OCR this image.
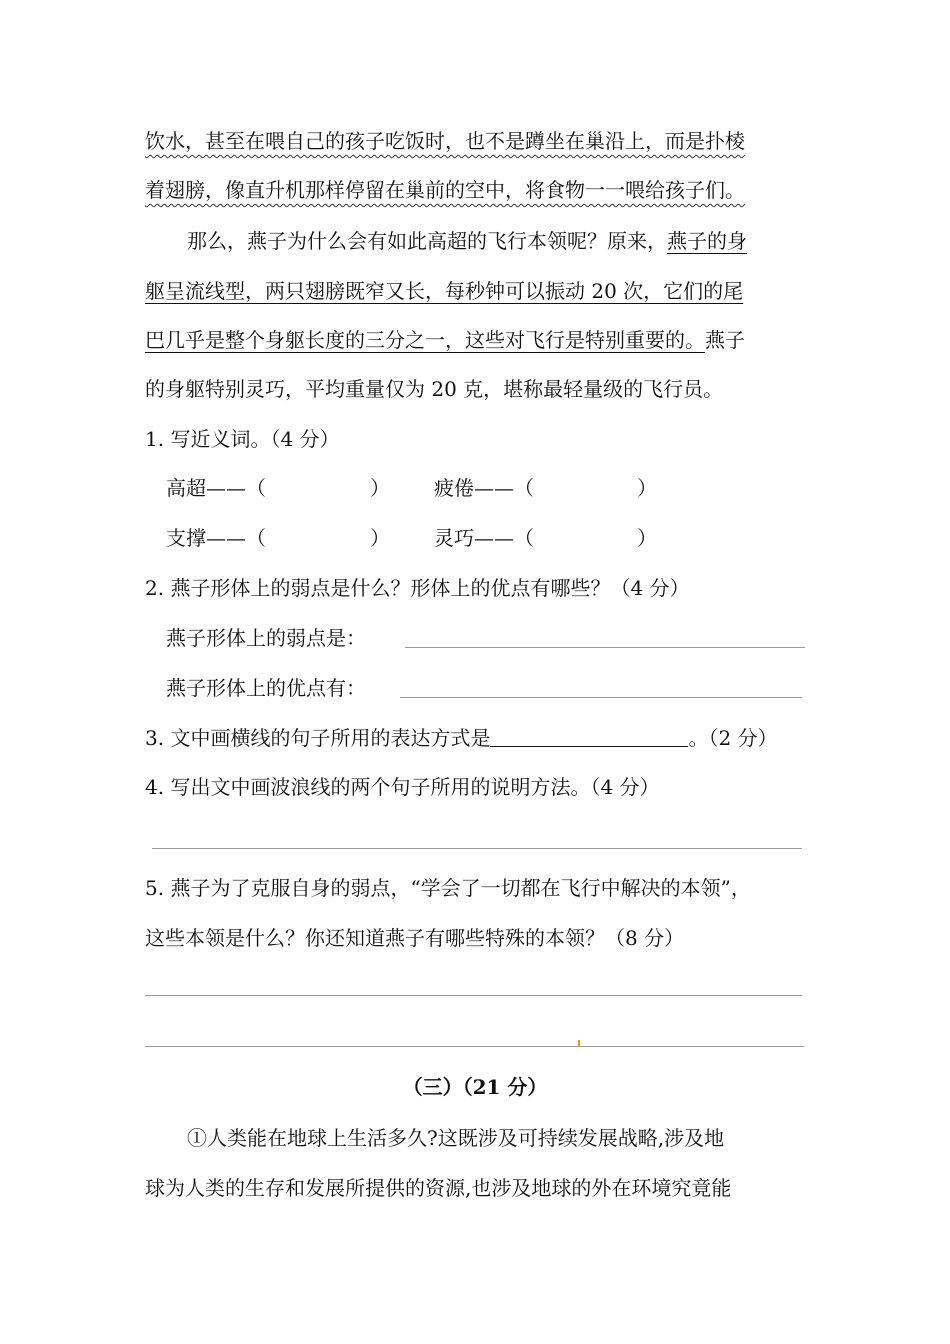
饮水，甚至在喂自己的孩子吃饭时，也不是蹲坐在巢沿上，而是扑棱
着翅膀，像直升机那样停留在巢前的空中，将食物一一喂给孩子们。
那么，燕子为什么会有如此高超的飞行本领呢？原来，燕子的身
躯呈流线型，两只翅膀既窄又长，每秒钟可以振动 20 次，它们的尾
巴几乎是整个身躯长度的三分之一，这些对飞行是特别重要的。燕子
的身躯特别灵巧，平均重量仅为 20 克，堪称最轻量级的飞行员。
1. 写近义词。（4 分）
高超——（	） 疲倦——（	）
支撑——（	） 灵巧——（	）
2. 燕子形体上的弱点是什么？形体上的优点有哪些？（4 分）
燕子形体上的弱点是：
燕子形体上的优点有：
3. 文中画横线的句子所用的表达方式是	。（2 分）
4. 写出文中画波浪线的两个句子所用的说明方法。（4 分）
5. 燕子为了克服自身的弱点，“学会了一切都在飞行中解决的本领”，
这些本领是什么？你还知道燕子有哪些特殊的本领？（8 分）
（三）（21 分）
①人类能在地球上生活多久?这既涉及可持续发展战略,涉及地
球为人类的生存和发展所提供的资源,也涉及地球的外在环境究竟能
